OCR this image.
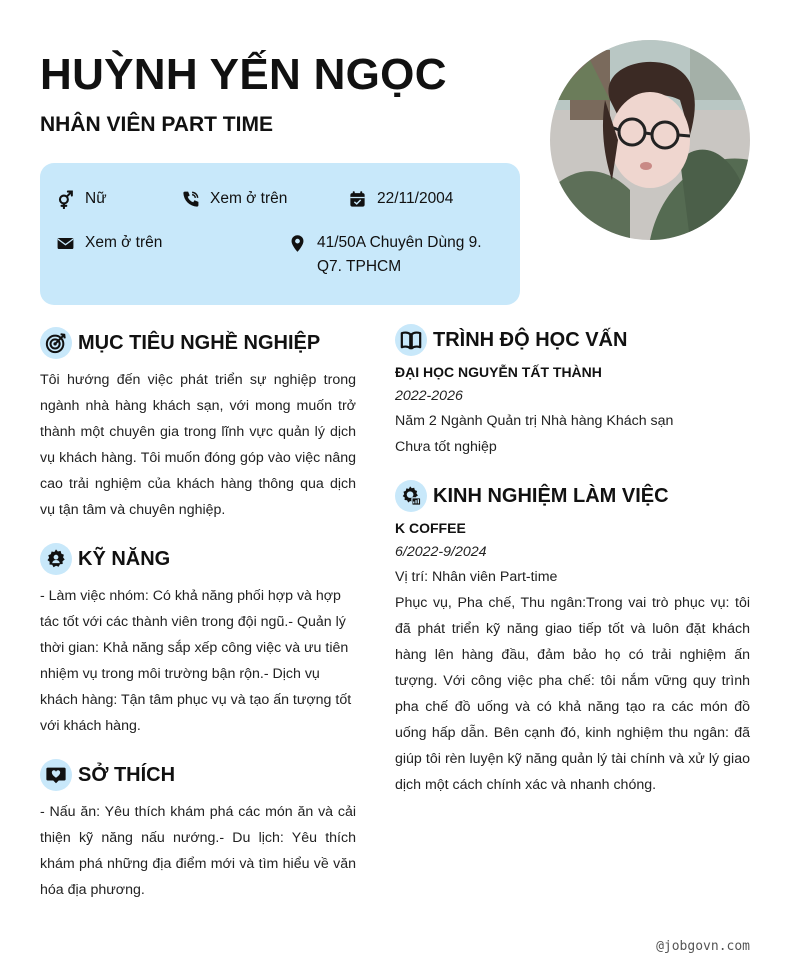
HUỲNH YẾN NGỌC
NHÂN VIÊN PART TIME
Nữ	Xem ở trên	22/11/2004
Xem ở trên	41/50A Chuyên Dùng 9. Q7. TPHCM
MỤC TIÊU NGHỀ NGHIỆP

Tôi hướng đến việc phát triển sự nghiệp trong ngành nhà hàng khách sạn, với mong muốn trở thành một chuyên gia trong lĩnh vực quản lý dịch vụ khách hàng. Tôi muốn đóng góp vào việc nâng cao trải nghiệm của khách hàng thông qua dịch vụ tận tâm và chuyên nghiệp.

KỸ NĂNG

- Làm việc nhóm: Có khả năng phối hợp và hợp tác tốt với các thành viên trong đội ngũ.- Quản lý thời gian: Khả năng sắp xếp công việc và ưu tiên nhiệm vụ trong môi trường bận rộn.- Dịch vụ khách hàng: Tận tâm phục vụ và tạo ấn tượng tốt với khách hàng.

SỞ THÍCH

- Nấu ăn: Yêu thích khám phá các món ăn và cải thiện kỹ năng nấu nướng.- Du lịch: Yêu thích khám phá những địa điểm mới và tìm hiểu về văn hóa địa phương.

TRÌNH ĐỘ HỌC VẤN

ĐẠI HỌC NGUYỄN TẤT THÀNH

2022-2026

Năm 2 Ngành Quản trị Nhà hàng Khách sạn

Chưa tốt nghiệp

KINH NGHIỆM LÀM VIỆC

K COFFEE

6/2022-9/2024

Vị trí: Nhân viên Part-time

Phục vụ, Pha chế, Thu ngân:Trong vai trò phục vụ: tôi đã phát triển kỹ năng giao tiếp tốt và luôn đặt khách hàng lên hàng đầu, đảm bảo họ có trải nghiệm ấn tượng. Với công việc pha chế: tôi nắm vững quy trình pha chế đồ uống và có khả năng tạo ra các món đồ uống hấp dẫn. Bên cạnh đó, kinh nghiệm thu ngân: đã giúp tôi rèn luyện kỹ năng quản lý tài chính và xử lý giao dịch một cách chính xác và nhanh chóng.

@jobgovn.com
